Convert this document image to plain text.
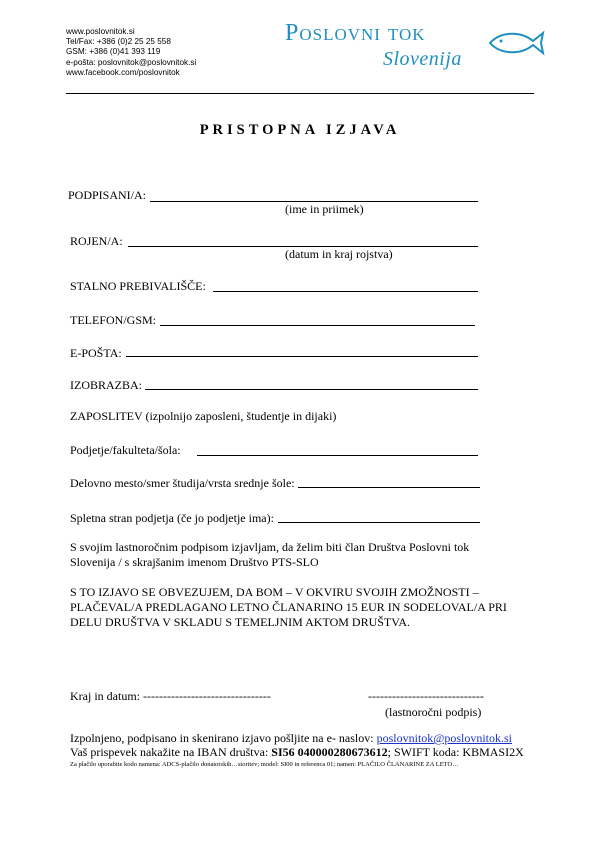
www.poslovnitok.si
Tel/Fax: +386 (0)2 25 25 558
GSM: +386 (0)41 393 119
e-pošta: poslovnitok@poslovnitok.si
www.facebook.com/poslovnitok
Poslovni tok
Slovenija
PRISTOPNA IZJAVA
PODPISANI/A:
(ime in priimek)
ROJEN/A:
(datum in kraj rojstva)
STALNO PREBIVALIŠČE:
TELEFON/GSM:
E-POŠTA:
IZOBRAZBA:
ZAPOSLITEV (izpolnijo zaposleni, študentje in dijaki)
Podjetje/fakulteta/šola:
Delovno mesto/smer študija/vrsta srednje šole:
Spletna stran podjetja (če jo podjetje ima):
S svojim lastnoročnim podpisom izjavljam, da želim biti član Društva Poslovni tok Slovenija / s skrajšanim imenom Društvo PTS-SLO
S TO IZJAVO SE OBVEZUJEM, DA BOM – V OKVIRU SVOJIH ZMOŽNOSTI – PLAČEVAL/A PREDLAGANO LETNO ČLANARINO 15 EUR IN SODELOVAL/A PRI DELU DRUŠTVA V SKLADU S TEMELJNIM AKTOM DRUŠTVA.
Kraj in datum: --------------------------------	-----------------------------
(lastnoročni podpis)
Izpolnjeno, podpisano in skenirano izjavo pošljite na e- naslov: poslovnitok@poslovnitok.si
Vaš prispevek nakažite na IBAN društva: SI56 040000280673612; SWIFT koda: KBMASI2X
Za plačilo uporabite kodo namena: ADCS-plačilo donatorskih…storitev; model: SI00 in referenca 01; namen: PLAČILO ČLANARINE ZA LETO…
